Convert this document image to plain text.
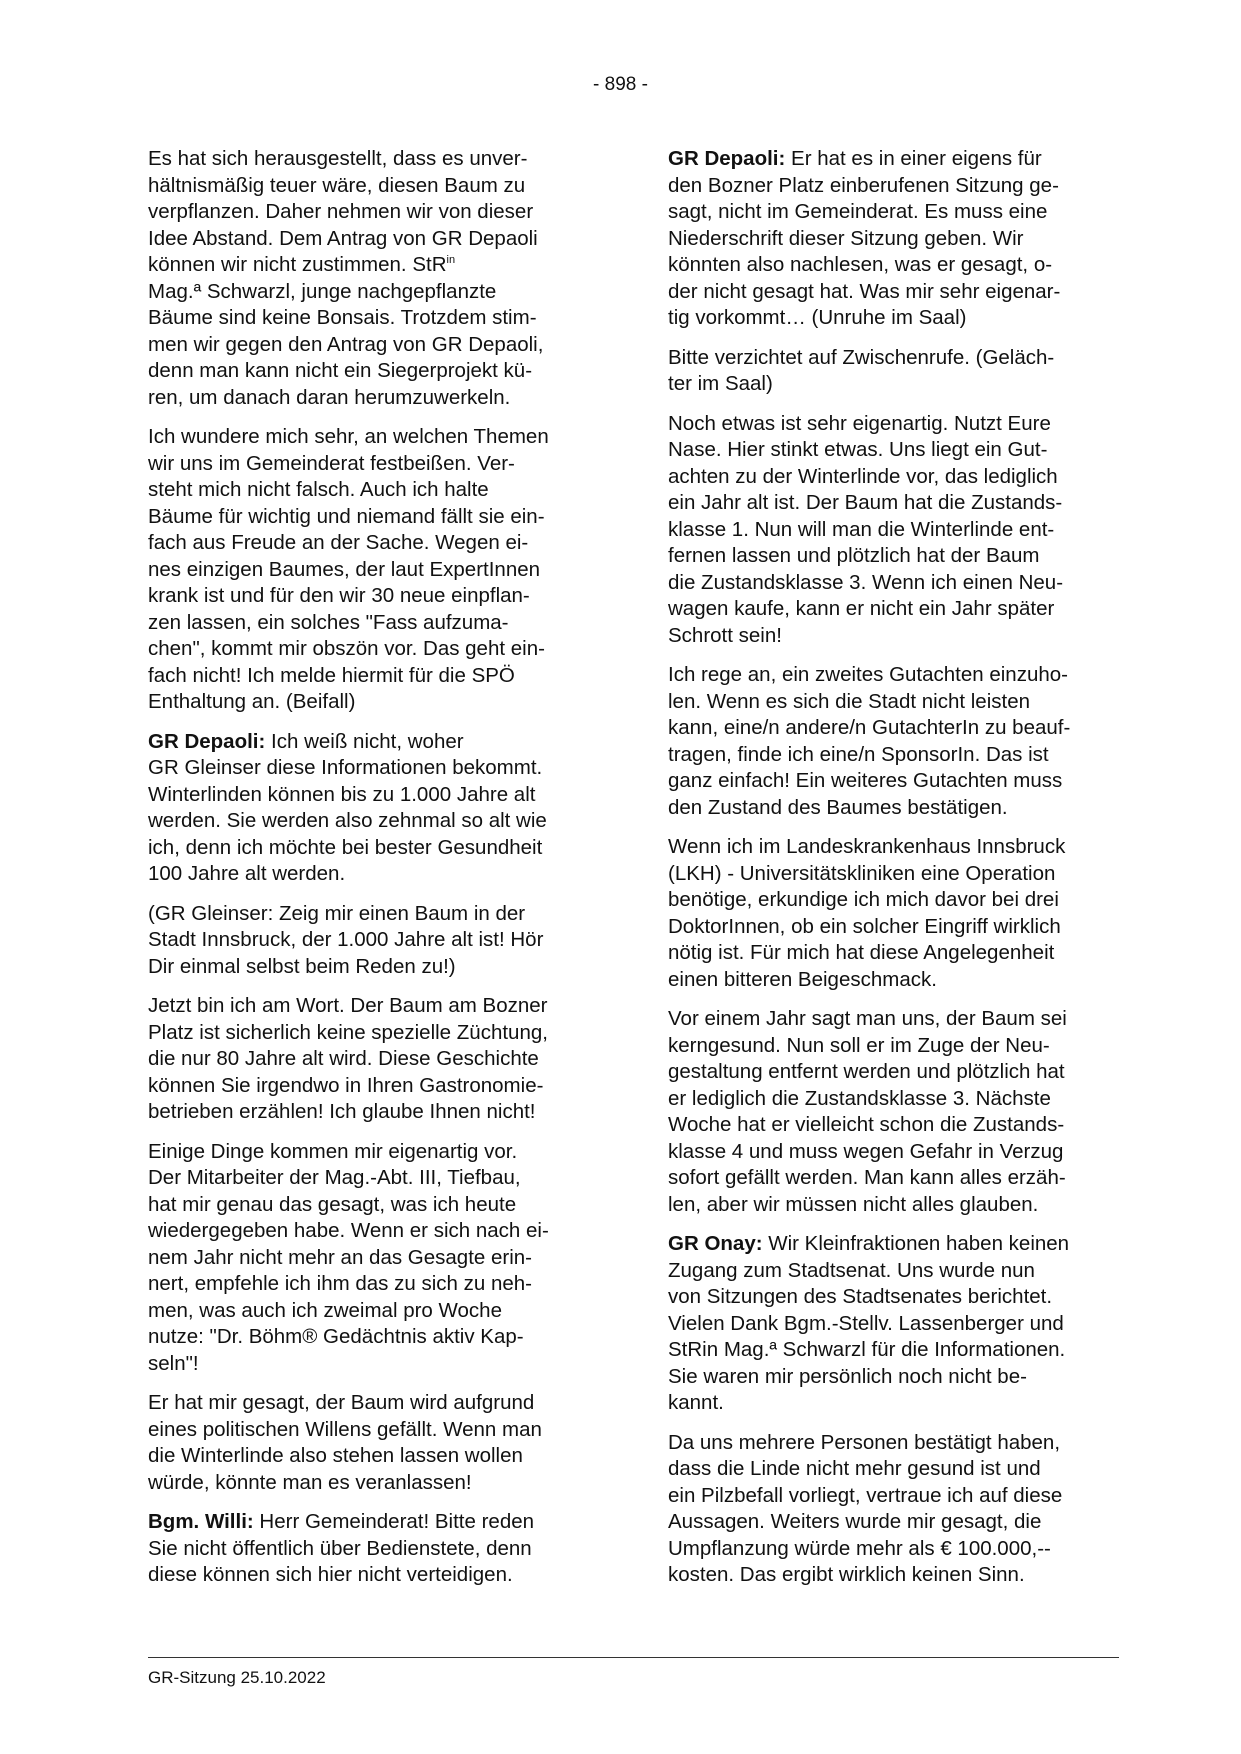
- 898 -

Es hat sich herausgestellt, dass es unver-
hältnismäßig teuer wäre, diesen Baum zu
verpflanzen. Daher nehmen wir von dieser
Idee Abstand. Dem Antrag von GR Depaoli
können wir nicht zustimmen. StR$^{in}$
Mag.ª Schwarzl, junge nachgepflanzte
Bäume sind keine Bonsais. Trotzdem stim-
men wir gegen den Antrag von GR Depaoli,
denn man kann nicht ein Siegerprojekt kü-
ren, um danach daran herumzuwerkeln.

Ich wundere mich sehr, an welchen Themen
wir uns im Gemeinderat festbeißen. Ver-
steht mich nicht falsch. Auch ich halte
Bäume für wichtig und niemand fällt sie ein-
fach aus Freude an der Sache. Wegen ei-
nes einzigen Baumes, der laut ExpertInnen
krank ist und für den wir 30 neue einpflan-
zen lassen, ein solches "Fass aufzuma-
chen", kommt mir obszön vor. Das geht ein-
fach nicht! Ich melde hiermit für die SPÖ
Enthaltung an. (Beifall)

GR Depaoli: Ich weiß nicht, woher
GR Gleinser diese Informationen bekommt.
Winterlinden können bis zu 1.000 Jahre alt
werden. Sie werden also zehnmal so alt wie
ich, denn ich möchte bei bester Gesundheit
100 Jahre alt werden.

(GR Gleinser: Zeig mir einen Baum in der
Stadt Innsbruck, der 1.000 Jahre alt ist! Hör
Dir einmal selbst beim Reden zu!)

Jetzt bin ich am Wort. Der Baum am Bozner
Platz ist sicherlich keine spezielle Züchtung,
die nur 80 Jahre alt wird. Diese Geschichte
können Sie irgendwo in Ihren Gastronomie-
betrieben erzählen! Ich glaube Ihnen nicht!

Einige Dinge kommen mir eigenartig vor.
Der Mitarbeiter der Mag.-Abt. III, Tiefbau,
hat mir genau das gesagt, was ich heute
wiedergegeben habe. Wenn er sich nach ei-
nem Jahr nicht mehr an das Gesagte erin-
nert, empfehle ich ihm das zu sich zu neh-
men, was auch ich zweimal pro Woche
nutze: "Dr. Böhm® Gedächtnis aktiv Kap-
seln"!

Er hat mir gesagt, der Baum wird aufgrund
eines politischen Willens gefällt. Wenn man
die Winterlinde also stehen lassen wollen
würde, könnte man es veranlassen!

Bgm. Willi: Herr Gemeinderat! Bitte reden
Sie nicht öffentlich über Bedienstete, denn
diese können sich hier nicht verteidigen.

GR Depaoli: Er hat es in einer eigens für
den Bozner Platz einberufenen Sitzung ge-
sagt, nicht im Gemeinderat. Es muss eine
Niederschrift dieser Sitzung geben. Wir
könnten also nachlesen, was er gesagt, o-
der nicht gesagt hat. Was mir sehr eigenar-
tig vorkommt… (Unruhe im Saal)

Bitte verzichtet auf Zwischenrufe. (Geläch-
ter im Saal)

Noch etwas ist sehr eigenartig. Nutzt Eure
Nase. Hier stinkt etwas. Uns liegt ein Gut-
achten zu der Winterlinde vor, das lediglich
ein Jahr alt ist. Der Baum hat die Zustands-
klasse 1. Nun will man die Winterlinde ent-
fernen lassen und plötzlich hat der Baum
die Zustandsklasse 3. Wenn ich einen Neu-
wagen kaufe, kann er nicht ein Jahr später
Schrott sein!

Ich rege an, ein zweites Gutachten einzuho-
len. Wenn es sich die Stadt nicht leisten
kann, eine/n andere/n GutachterIn zu beauf-
tragen, finde ich eine/n SponsorIn. Das ist
ganz einfach! Ein weiteres Gutachten muss
den Zustand des Baumes bestätigen.

Wenn ich im Landeskrankenhaus Innsbruck
(LKH) - Universitätskliniken eine Operation
benötige, erkundige ich mich davor bei drei
DoktorInnen, ob ein solcher Eingriff wirklich
nötig ist. Für mich hat diese Angelegenheit
einen bitteren Beigeschmack.

Vor einem Jahr sagt man uns, der Baum sei
kerngesund. Nun soll er im Zuge der Neu-
gestaltung entfernt werden und plötzlich hat
er lediglich die Zustandsklasse 3. Nächste
Woche hat er vielleicht schon die Zustands-
klasse 4 und muss wegen Gefahr in Verzug
sofort gefällt werden. Man kann alles erzäh-
len, aber wir müssen nicht alles glauben.

GR Onay: Wir Kleinfraktionen haben keinen
Zugang zum Stadtsenat. Uns wurde nun
von Sitzungen des Stadtsenates berichtet.
Vielen Dank Bgm.-Stellv. Lassenberger und
StRin Mag.ª Schwarzl für die Informationen.
Sie waren mir persönlich noch nicht be-
kannt.

Da uns mehrere Personen bestätigt haben,
dass die Linde nicht mehr gesund ist und
ein Pilzbefall vorliegt, vertraue ich auf diese
Aussagen. Weiters wurde mir gesagt, die
Umpflanzung würde mehr als € 100.000,--
kosten. Das ergibt wirklich keinen Sinn.

GR-Sitzung 25.10.2022
